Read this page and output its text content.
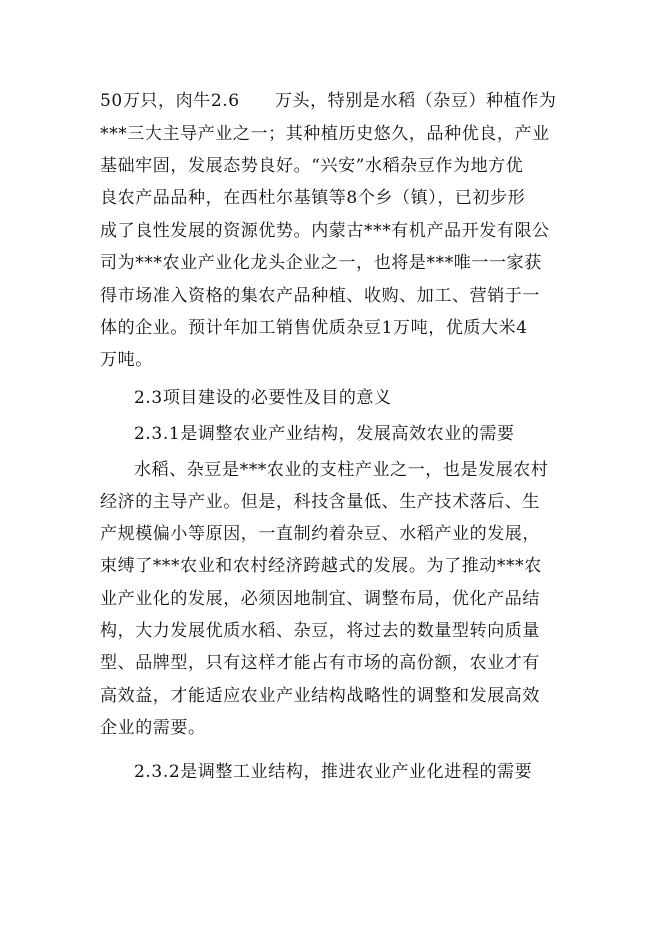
50万只，肉牛2.6　　万头，特别是水稻（杂豆）种植作为
***三大主导产业之一；其种植历史悠久，品种优良，产业
基础牢固，发展态势良好。“兴安”水稻杂豆作为地方优
良农产品品种，在西杜尔基镇等8个乡（镇），已初步形
成了良性发展的资源优势。内蒙古***有机产品开发有限公
司为***农业产业化龙头企业之一，也将是***唯一一家获
得市场准入资格的集农产品种植、收购、加工、营销于一
体的企业。预计年加工销售优质杂豆1万吨，优质大米4
万吨。
2.3项目建设的必要性及目的意义
2.3.1是调整农业产业结构，发展高效农业的需要
水稻、杂豆是***农业的支柱产业之一，也是发展农村
经济的主导产业。但是，科技含量低、生产技术落后、生
产规模偏小等原因，一直制约着杂豆、水稻产业的发展，
束缚了***农业和农村经济跨越式的发展。为了推动***农
业产业化的发展，必须因地制宜、调整布局，优化产品结
构，大力发展优质水稻、杂豆，将过去的数量型转向质量
型、品牌型，只有这样才能占有市场的高份额，农业才有
高效益，才能适应农业产业结构战略性的调整和发展高效
企业的需要。
2.3.2是调整工业结构，推进农业产业化进程的需要
